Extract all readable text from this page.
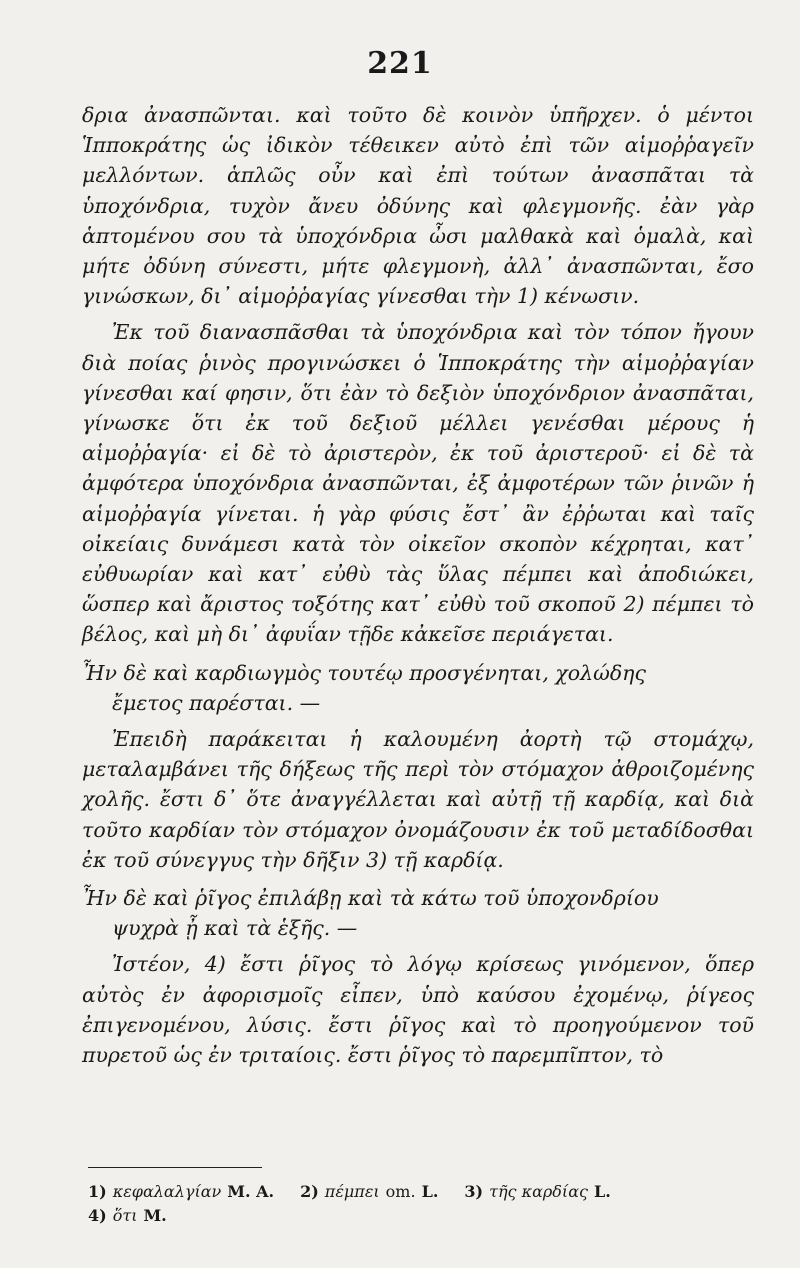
221

δρια ἀνασπῶνται. καὶ τοῦτο δὲ κοινὸν ὑπῆρχεν. ὁ μέντοι Ἱπποκράτης ὡς ἰδικὸν τέθεικεν αὐτὸ ἐπὶ τῶν αἱμοῤῥαγεῖν μελλόντων. ἁπλῶς οὖν καὶ ἐπὶ τούτων ἀνασπᾶται τὰ ὑποχόνδρια, τυχὸν ἄνευ ὀδύνης καὶ φλεγμονῆς. ἐὰν γὰρ ἁπτομένου σου τὰ ὑποχόνδρια ὦσι μαλθακὰ καὶ ὁμαλὰ, καὶ μήτε ὀδύνη σύνεστι, μήτε φλεγμονὴ, ἀλλ᾽ ἀνασπῶνται, ἔσο γινώσκων, δι᾽ αἱμοῤῥαγίας γίνεσθαι τὴν 1) κένωσιν.

Ἐκ τοῦ διανασπᾶσθαι τὰ ὑποχόνδρια καὶ τὸν τόπον ἤγουν διὰ ποίας ῥινὸς προγινώσκει ὁ Ἱπποκράτης τὴν αἱμοῤῥαγίαν γίνεσθαι καί φησιν, ὅτι ἐὰν τὸ δεξιὸν ὑποχόνδριον ἀνασπᾶται, γίνωσκε ὅτι ἐκ τοῦ δεξιοῦ μέλλει γενέσθαι μέρους ἡ αἱμοῤῥαγία· εἰ δὲ τὸ ἀριστερὸν, ἐκ τοῦ ἀριστεροῦ· εἰ δὲ τὰ ἀμφότερα ὑποχόνδρια ἀνασπῶνται, ἐξ ἀμφοτέρων τῶν ῥινῶν ἡ αἱμοῤῥαγία γίνεται. ἡ γὰρ φύσις ἔστ᾽ ἂν ἐῤῥωται καὶ ταῖς οἰκείαις δυνάμεσι κατὰ τὸν οἰκεῖον σκοπὸν κέχρηται, κατ᾽ εὐθυωρίαν καὶ κατ᾽ εὐθὺ τὰς ὕλας πέμπει καὶ ἀποδιώκει, ὥσπερ καὶ ἄριστος τοξότης κατ᾽ εὐθὺ τοῦ σκοποῦ 2) πέμπει τὸ βέλος, καὶ μὴ δι᾽ ἀφυΐαν τῇδε κἀκεῖσε περιάγεται.

Ἦν δὲ καὶ καρδιωγμὸς τουτέῳ προσγένηται, χολώδης
ἔμετος παρέσται. —

Ἐπειδὴ παράκειται ἡ καλουμένη ἀορτὴ τῷ στομάχῳ, μεταλαμβάνει τῆς δήξεως τῆς περὶ τὸν στόμαχον ἀθροιζομένης χολῆς. ἔστι δ᾽ ὅτε ἀναγγέλλεται καὶ αὐτῇ τῇ καρδίᾳ, καὶ διὰ τοῦτο καρδίαν τὸν στόμαχον ὀνομάζουσιν ἐκ τοῦ μεταδίδοσθαι ἐκ τοῦ σύνεγγυς τὴν δῆξιν 3) τῇ καρδίᾳ.

Ἦν δὲ καὶ ῥῖγος ἐπιλάβῃ καὶ τὰ κάτω τοῦ ὑποχονδρίου
ψυχρὰ ᾖ καὶ τὰ ἑξῆς. —

Ἰστέον, 4) ἔστι ῥῖγος τὸ λόγῳ κρίσεως γινόμενον, ὅπερ αὐτὸς ἐν ἀφορισμοῖς εἶπεν, ὑπὸ καύσου ἐχομένῳ, ῥίγεος ἐπιγενομένου, λύσις. ἔστι ῥῖγος καὶ τὸ προηγούμενον τοῦ πυρετοῦ ὡς ἐν τριταίοις. ἔστι ῥῖγος τὸ παρεμπῖπτον, τὸ

1) κεφαλαλγίαν M. A. 2) πέμπει om. L. 3) τῆς καρδίας L.
4) ὅτι M.
